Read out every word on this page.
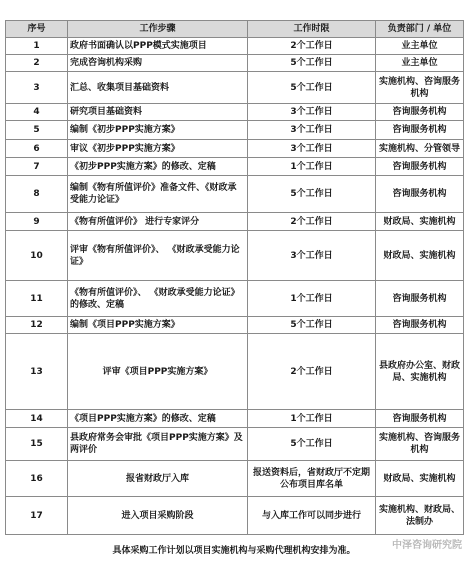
序号	工作步骤	工作时限	负责部门 / 单位
1	政府书面确认以PPP模式实施项目	2个工作日	业主单位
2	完成咨询机构采购	5个工作日	业主单位
3	汇总、收集项目基础资料	5个工作日	实施机构、咨询服务机构
4	研究项目基础资料	3个工作日	咨询服务机构
5	编制《初步PPP实施方案》	3个工作日	咨询服务机构
6	审议《初步PPP实施方案》	3个工作日	实施机构、分管领导
7	《初步PPP实施方案》的修改、定稿	1个工作日	咨询服务机构
8	编制《物有所值评价》准备文件、《财政承受能力论证》	5个工作日	咨询服务机构
9	《物有所值评价》 进行专家评分	2个工作日	财政局、实施机构
10	评审《物有所值评价》、 《财政承受能力论证》	3个工作日	财政局、实施机构
11	《物有所值评价》、 《财政承受能力论证》的修改、定稿	1个工作日	咨询服务机构
12	编制《项目PPP实施方案》	5个工作日	咨询服务机构
13	评审《项目PPP实施方案》	2个工作日	县政府办公室、财政局、实施机构
14	《项目PPP实施方案》的修改、定稿	1个工作日	咨询服务机构
15	县政府常务会审批《项目PPP实施方案》及两评价	5个工作日	实施机构、咨询服务机构
16	报省财政厅入库	报送资料后，省财政厅不定期公布项目库名单	财政局、实施机构
17	进入项目采购阶段	与入库工作可以同步进行	实施机构、财政局、法制办
具体采购工作计划以项目实施机构与采购代理机构安排为准。	中泽咨询研究院
